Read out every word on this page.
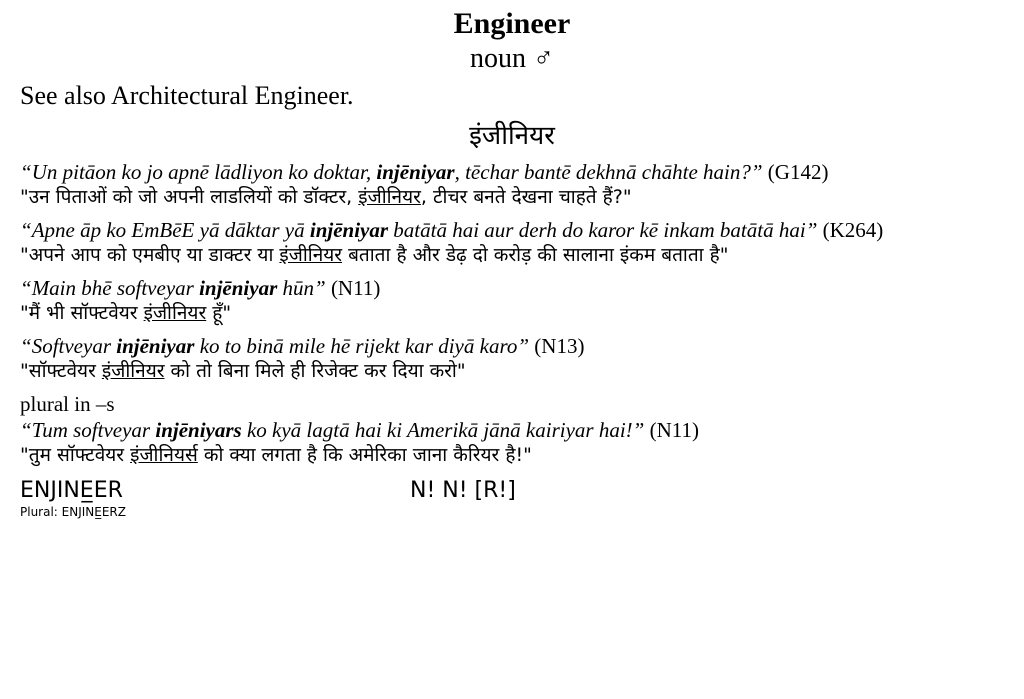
Engineer
noun ♂
See also Architectural Engineer.
इंजीनियर
“Un pitāon ko jo apnē lādliyon ko doktar, injēniyar, tēchar bantē dekhnā chāhte hain?” (G142)
"उन पिताओं को जो अपनी लाडलियों को डॉक्टर, इंजीनियर, टीचर बनते देखना चाहते हैं?"
“Apne āp ko EmBēE yā dāktar yā injēniyar batātā hai aur derh do karor kē inkam batātā hai” (K264)
"अपने आप को एमबीए या डाक्टर या इंजीनियर बताता है और डेढ़ दो करोड़ की सालाना इंकम बताता है"
“Main bhē softveyar injēniyar hūn” (N11)
"मैं भी सॉफ्टवेयर इंजीनियर हूँ"
“Softveyar injēniyar ko to binā mile hē rijekt kar diyā karo” (N13)
"सॉफ्टवेयर इंजीनियर को तो बिना मिले ही रिजेक्ट कर दिया करो"
plural in –s
“Tum softveyar injēniyars ko kyā lagtā hai ki Amerikā jānā kairiyar hai!” (N11)
"तुम सॉफ्टवेयर इंजीनियर्स को क्या लगता है कि अमेरिका जाना कैरियर है!"
ENJINE̲ER	N! N! [R!]
Plural: ENJINE̲ERZ
